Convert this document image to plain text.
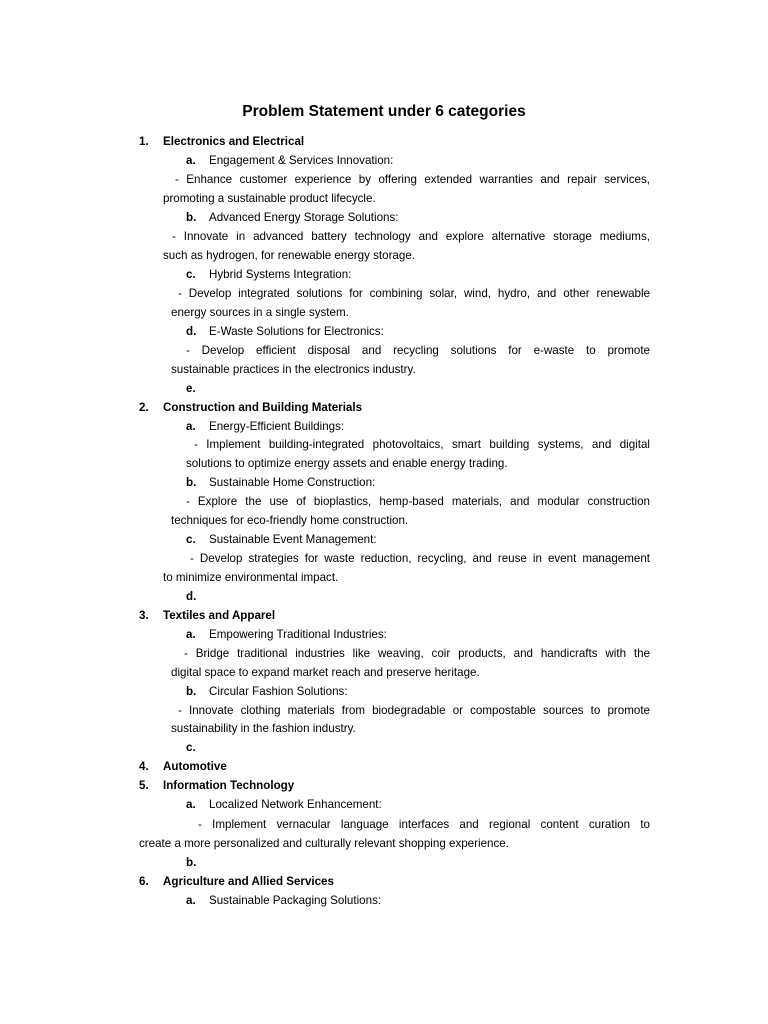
Problem Statement under 6 categories
1. Electronics and Electrical
a. Engagement & Services Innovation:
- Enhance customer experience by offering extended warranties and repair services,
promoting a sustainable product lifecycle.
b. Advanced Energy Storage Solutions:
- Innovate in advanced battery technology and explore alternative storage mediums,
such as hydrogen, for renewable energy storage.
c. Hybrid Systems Integration:
- Develop integrated solutions for combining solar, wind, hydro, and other renewable
energy sources in a single system.
d. E-Waste Solutions for Electronics:
- Develop efficient disposal and recycling solutions for e-waste to promote
sustainable practices in the electronics industry.
e.
2. Construction and Building Materials
a. Energy-Efficient Buildings:
- Implement building-integrated photovoltaics, smart building systems, and digital
solutions to optimize energy assets and enable energy trading.
b. Sustainable Home Construction:
- Explore the use of bioplastics, hemp-based materials, and modular construction
techniques for eco-friendly home construction.
c. Sustainable Event Management:
- Develop strategies for waste reduction, recycling, and reuse in event management
to minimize environmental impact.
d.
3. Textiles and Apparel
a. Empowering Traditional Industries:
- Bridge traditional industries like weaving, coir products, and handicrafts with the
digital space to expand market reach and preserve heritage.
b. Circular Fashion Solutions:
- Innovate clothing materials from biodegradable or compostable sources to promote
sustainability in the fashion industry.
c.
4. Automotive
5. Information Technology
a. Localized Network Enhancement:
- Implement vernacular language interfaces and regional content curation to
create a more personalized and culturally relevant shopping experience.
b.
6. Agriculture and Allied Services
a. Sustainable Packaging Solutions:
